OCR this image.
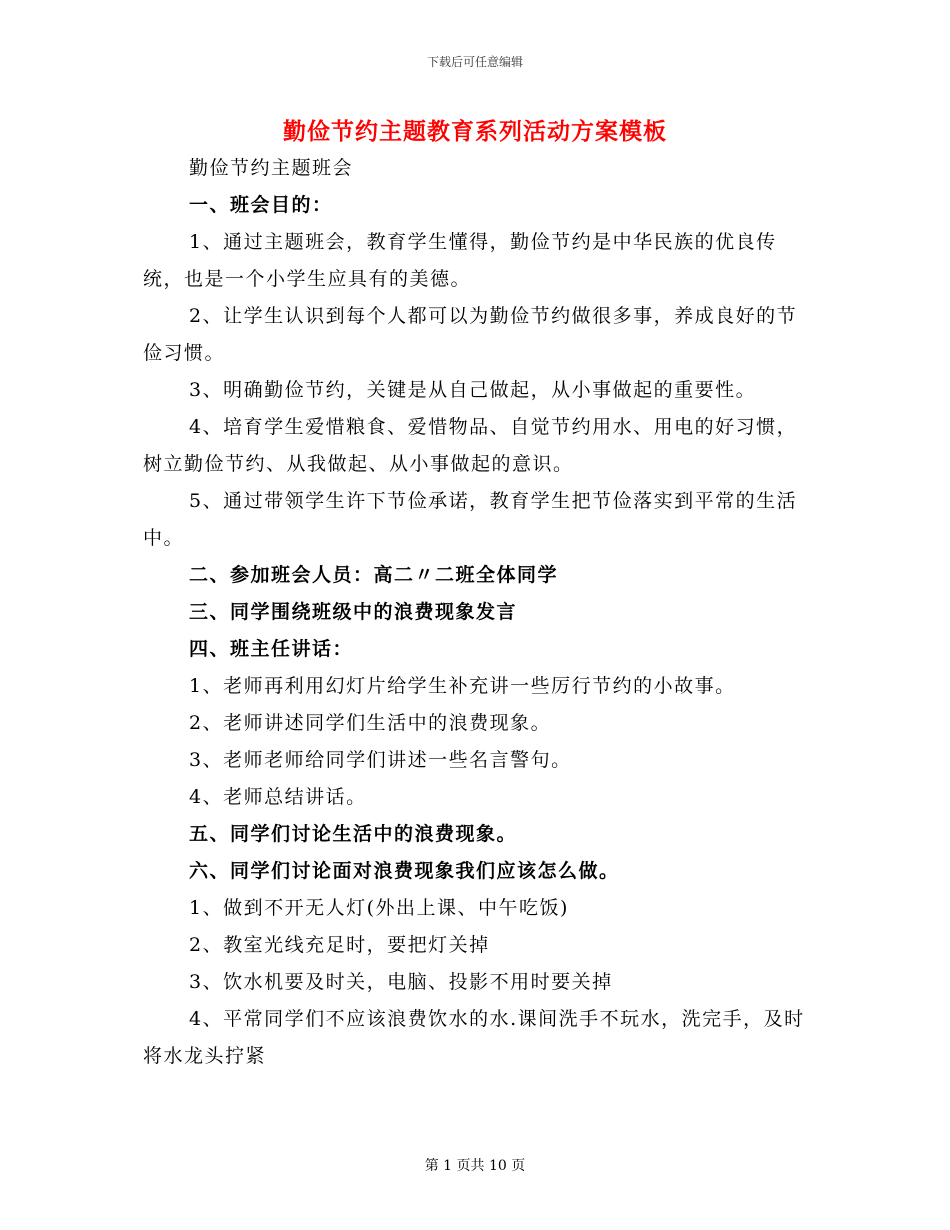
下载后可任意编辑
勤俭节约主题教育系列活动方案模板

勤俭节约主题班会

一、班会目的：

1、通过主题班会，教育学生懂得，勤俭节约是中华民族的优良传统，也是一个小学生应具有的美德。

2、让学生认识到每个人都可以为勤俭节约做很多事，养成良好的节俭习惯。

3、明确勤俭节约，关键是从自己做起，从小事做起的重要性。

4、培育学生爱惜粮食、爱惜物品、自觉节约用水、用电的好习惯，树立勤俭节约、从我做起、从小事做起的意识。

5、通过带领学生许下节俭承诺，教育学生把节俭落实到平常的生活中。

二、参加班会人员：高二〃二班全体同学

三、同学围绕班级中的浪费现象发言

四、班主任讲话：

1、老师再利用幻灯片给学生补充讲一些厉行节约的小故事。

2、老师讲述同学们生活中的浪费现象。

3、老师老师给同学们讲述一些名言警句。

4、老师总结讲话。

五、同学们讨论生活中的浪费现象。

六、同学们讨论面对浪费现象我们应该怎么做。

1、做到不开无人灯(外出上课、中午吃饭)

2、教室光线充足时，要把灯关掉

3、饮水机要及时关，电脑、投影不用时要关掉

4、平常同学们不应该浪费饮水的水.课间洗手不玩水，洗完手，及时将水龙头拧紧

第 1 页共 10 页
